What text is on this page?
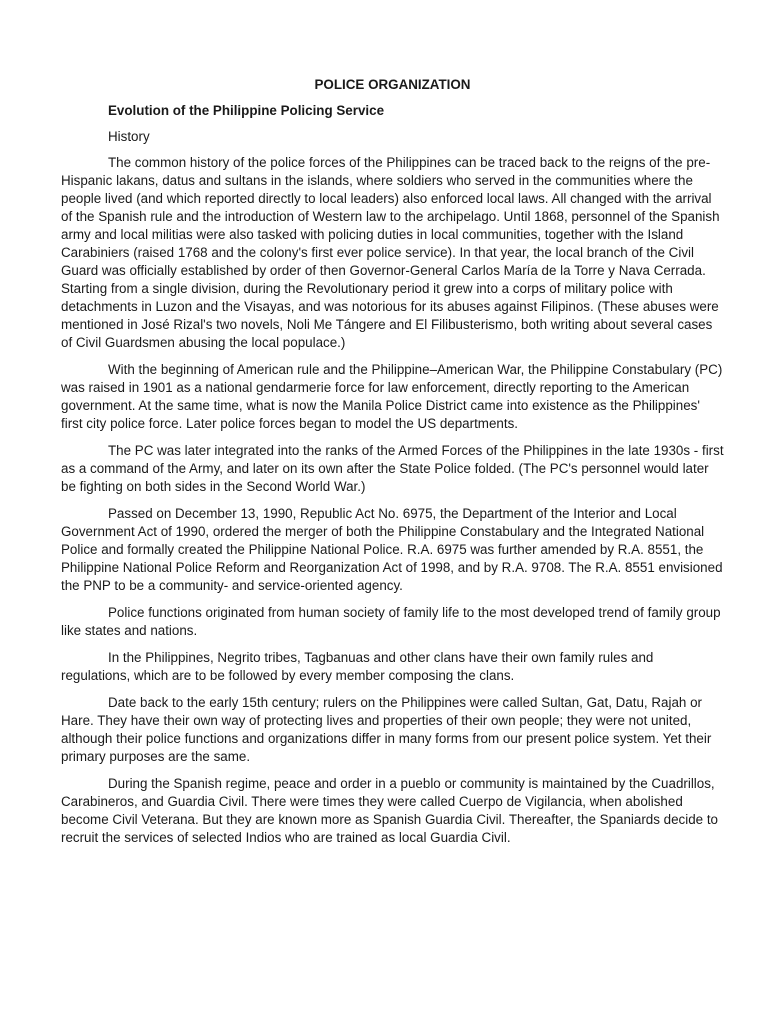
POLICE ORGANIZATION
Evolution of the Philippine Policing Service
History

The common history of the police forces of the Philippines can be traced back to the reigns of the pre-Hispanic lakans, datus and sultans in the islands, where soldiers who served in the communities where the people lived (and which reported directly to local leaders) also enforced local laws. All changed with the arrival of the Spanish rule and the introduction of Western law to the archipelago. Until 1868, personnel of the Spanish army and local militias were also tasked with policing duties in local communities, together with the Island Carabiniers (raised 1768 and the colony's first ever police service). In that year, the local branch of the Civil Guard was officially established by order of then Governor-General Carlos María de la Torre y Nava Cerrada. Starting from a single division, during the Revolutionary period it grew into a corps of military police with detachments in Luzon and the Visayas, and was notorious for its abuses against Filipinos. (These abuses were mentioned in José Rizal's two novels, Noli Me Tángere and El Filibusterismo, both writing about several cases of Civil Guardsmen abusing the local populace.)

With the beginning of American rule and the Philippine–American War, the Philippine Constabulary (PC) was raised in 1901 as a national gendarmerie force for law enforcement, directly reporting to the American government. At the same time, what is now the Manila Police District came into existence as the Philippines' first city police force. Later police forces began to model the US departments.

The PC was later integrated into the ranks of the Armed Forces of the Philippines in the late 1930s - first as a command of the Army, and later on its own after the State Police folded. (The PC's personnel would later be fighting on both sides in the Second World War.)

Passed on December 13, 1990, Republic Act No. 6975, the Department of the Interior and Local Government Act of 1990, ordered the merger of both the Philippine Constabulary and the Integrated National Police and formally created the Philippine National Police. R.A. 6975 was further amended by R.A. 8551, the Philippine National Police Reform and Reorganization Act of 1998, and by R.A. 9708. The R.A. 8551 envisioned the PNP to be a community- and service-oriented agency.

Police functions originated from human society of family life to the most developed trend of family group like states and nations.

In the Philippines, Negrito tribes, Tagbanuas and other clans have their own family rules and regulations, which are to be followed by every member composing the clans.

Date back to the early 15th century; rulers on the Philippines were called Sultan, Gat, Datu, Rajah or Hare. They have their own way of protecting lives and properties of their own people; they were not united, although their police functions and organizations differ in many forms from our present police system. Yet their primary purposes are the same.

During the Spanish regime, peace and order in a pueblo or community is maintained by the Cuadrillos, Carabineros, and Guardia Civil. There were times they were called Cuerpo de Vigilancia, when abolished become Civil Veterana. But they are known more as Spanish Guardia Civil. Thereafter, the Spaniards decide to recruit the services of selected Indios who are trained as local Guardia Civil.
